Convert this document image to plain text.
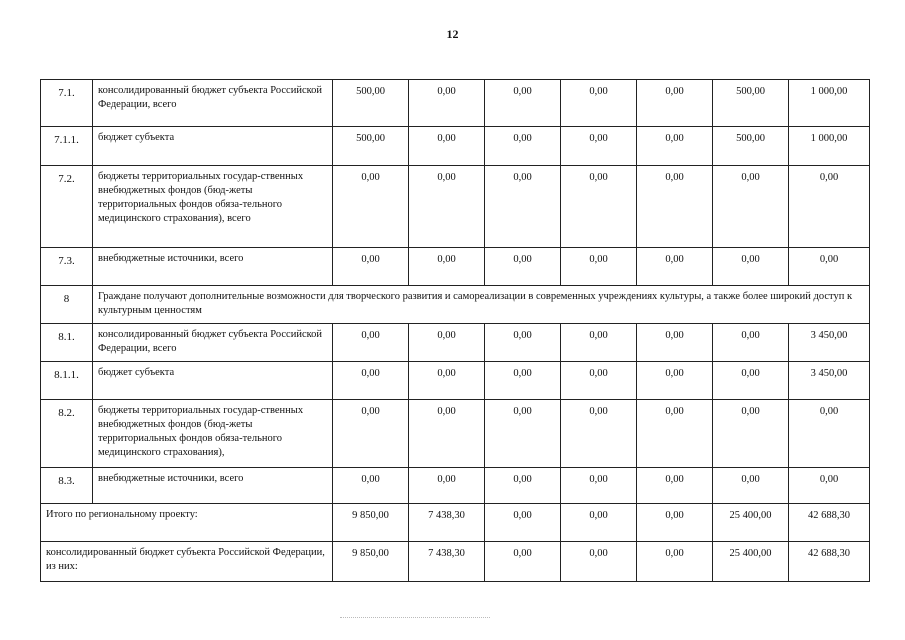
12
7.1.	консолидированный бюджет субъекта Российской Федерации, всего	500,00	0,00	0,00	0,00	0,00	500,00	1 000,00
7.1.1.	бюджет субъекта	500,00	0,00	0,00	0,00	0,00	500,00	1 000,00
7.2.	бюджеты территориальных государ-ственных внебюджетных фондов (бюд-жеты территориальных фондов обяза-тельного медицинского страхования), всего	0,00	0,00	0,00	0,00	0,00	0,00	0,00
7.3.	внебюджетные источники, всего	0,00	0,00	0,00	0,00	0,00	0,00	0,00
8	Граждане получают дополнительные возможности для творческого развития и самореализации в современных учреждениях культуры, а также более широкий доступ к культурным ценностям							
8.1.	консолидированный бюджет субъекта Российской Федерации, всего	0,00	0,00	0,00	0,00	0,00	0,00	3 450,00
8.1.1.	бюджет субъекта	0,00	0,00	0,00	0,00	0,00	0,00	3 450,00
8.2.	бюджеты территориальных государ-ственных внебюджетных фондов (бюд-жеты территориальных фондов обяза-тельного медицинского страхования),	0,00	0,00	0,00	0,00	0,00	0,00	0,00
8.3.	внебюджетные источники, всего	0,00	0,00	0,00	0,00	0,00	0,00	0,00
Итого по региональному проекту:		9 850,00	7 438,30	0,00	0,00	0,00	25 400,00	42 688,30
консолидированный бюджет субъекта Российской Федерации, из них:		9 850,00	7 438,30	0,00	0,00	0,00	25 400,00	42 688,30
